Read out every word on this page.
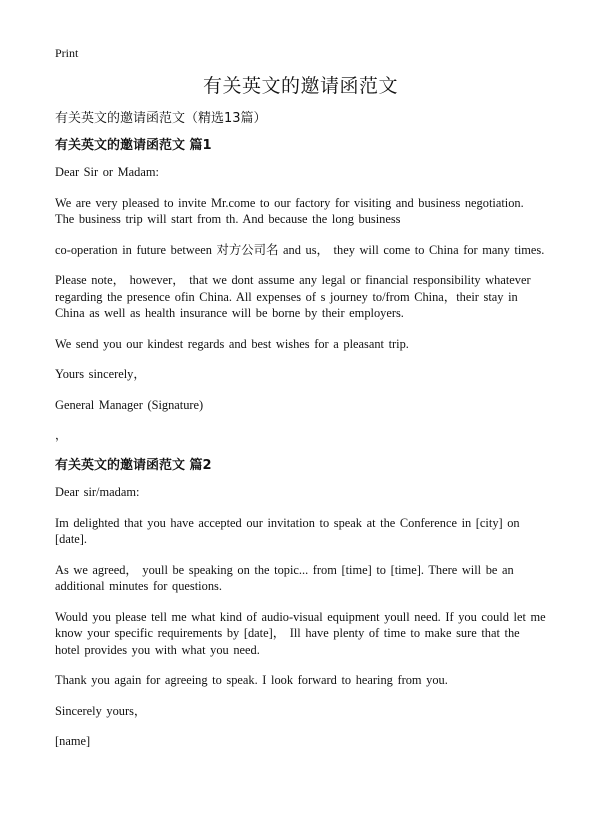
Print
有关英文的邀请函范文
有关英文的邀请函范文（精选13篇）
有关英文的邀请函范文 篇1

Dear Sir or Madam:

We are very pleased to invite Mr.come to our factory for visiting and business negotiation. The business trip will start from th. And because the long business

co-operation in future between 对方公司名 and us， they will come to China for many times.

Please note， however， that we dont assume any legal or financial responsibility whatever regarding the presence ofin China. All expenses of s journey to/from China，their stay in China as well as health insurance will be borne by their employers.

We send you our kindest regards and best wishes for a pleasant trip.

Yours sincerely，

General Manager (Signature)

，
有关英文的邀请函范文 篇2

Dear sir/madam:

Im delighted that you have accepted our invitation to speak at the Conference in [city] on [date].

As we agreed， youll be speaking on the topic... from [time] to [time]. There will be an additional minutes for questions.

Would you please tell me what kind of audio-visual equipment youll need. If you could let me know your specific requirements by [date]， Ill have plenty of time to make sure that the hotel provides you with what you need.

Thank you again for agreeing to speak. I look forward to hearing from you.

Sincerely yours，

[name]
